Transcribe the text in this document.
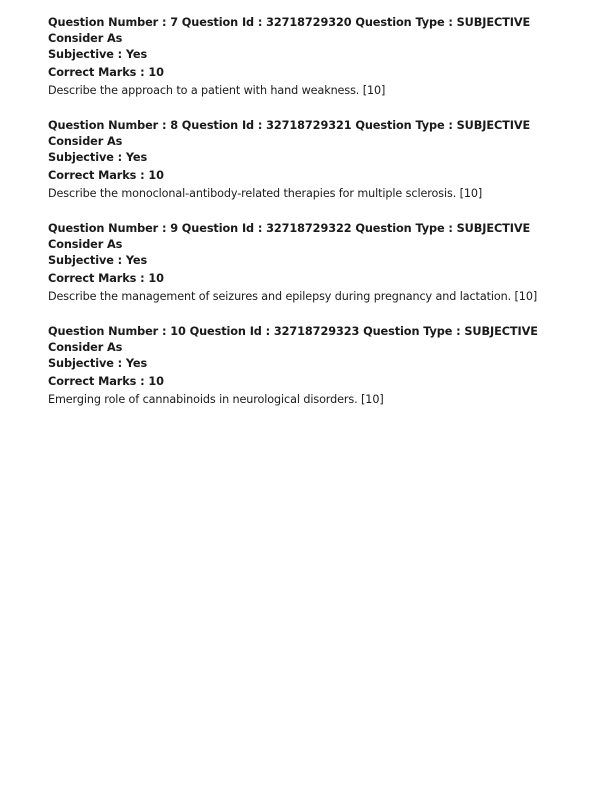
Question Number : 7 Question Id : 32718729320 Question Type : SUBJECTIVE Consider As
Subjective : Yes
Correct Marks : 10
Describe the approach to a patient with hand weakness. [10]
Question Number : 8 Question Id : 32718729321 Question Type : SUBJECTIVE Consider As
Subjective : Yes
Correct Marks : 10
Describe the monoclonal-antibody-related therapies for multiple sclerosis. [10]
Question Number : 9 Question Id : 32718729322 Question Type : SUBJECTIVE Consider As
Subjective : Yes
Correct Marks : 10
Describe the management of seizures and epilepsy during pregnancy and lactation. [10]
Question Number : 10 Question Id : 32718729323 Question Type : SUBJECTIVE Consider As
Subjective : Yes
Correct Marks : 10
Emerging role of cannabinoids in neurological disorders. [10]
